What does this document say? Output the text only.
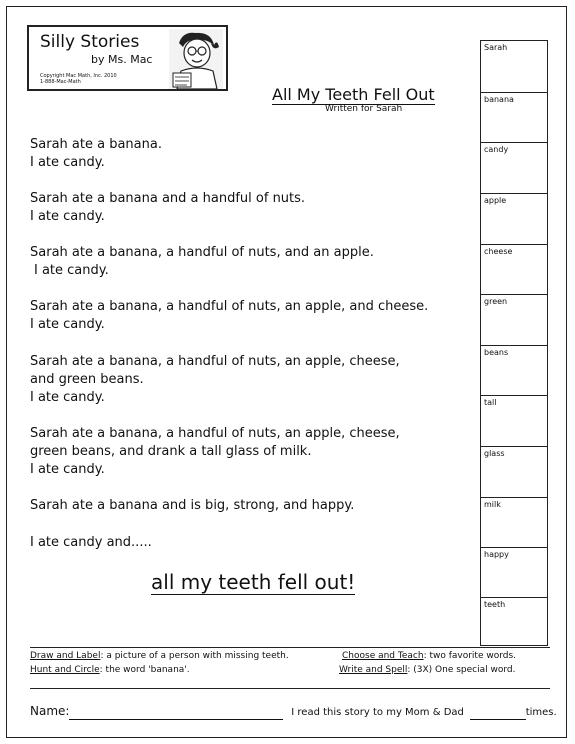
Silly Stories
by Ms. Mac
Copyright Mac Math, Inc. 2010
1-888-Mac-Math
All My Teeth Fell Out
Written for Sarah
Sarah ate a banana.
I ate candy.
Sarah ate a banana and a handful of nuts.
I ate candy.
Sarah ate a banana, a handful of nuts, and an apple.
I ate candy.
Sarah ate a banana, a handful of nuts, an apple, and cheese.
I ate candy.
Sarah ate a banana, a handful of nuts, an apple, cheese,
and green beans.
I ate candy.
Sarah ate a banana, a handful of nuts, an apple, cheese,
green beans, and drank a tall glass of milk.
I ate candy.
Sarah ate a banana and is big, strong, and happy.
I ate candy and.....
all my teeth fell out!
Sarah
banana
candy
apple
cheese
green
beans
tall
glass
milk
happy
teeth
Draw and Label: a picture of a person with missing teeth.	Choose and Teach: two favorite words.
Hunt and Circle: the word 'banana'.	Write and Spell: (3X) One special word.
Name:	I read this story to my Mom & Dad	times.
